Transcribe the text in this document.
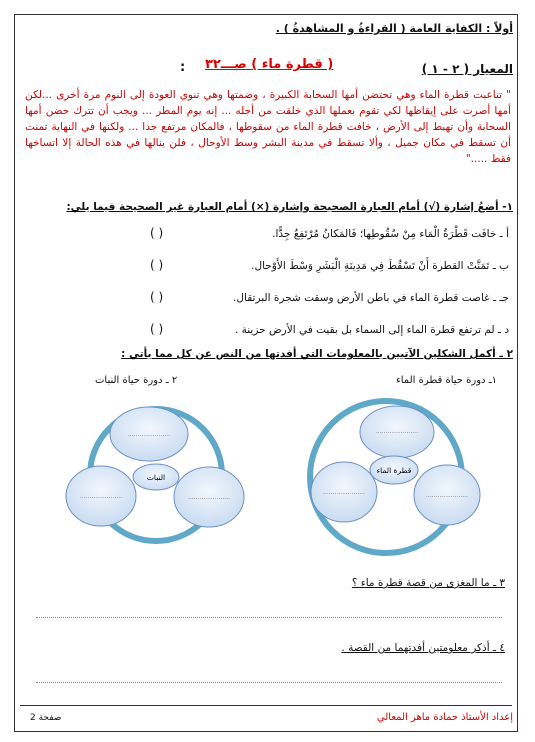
أولاً : الكفاية العامة ( القراءةُ و المشاهدةُ ) .
المعيار ( ٢ - ١ )
: ( قطرة ماء ) صـــ٣٢
" تناعبت قطرة الماء وهي تحتضن أمها السحابة الكبيرة ، وضمتها وهي تنوي العودة إلى النوم مرة أخرى ...لكن أمها أصرت على إيقاظها لكي تقوم بعملها الذي خلقت من أجله ... إنه يوم المطر ... ويجب أن تترك حضن أمها السحابة وأن تهبط إلى الأرض ، خافت قطرة الماء من سقوطها ، فالمكان مرتفع جدا ... ولكنها في النهاية تمنت أن تسقط في مكان جميل ، وألا تسقط في مدينة البشر وسط الأوحال ، فلن ينالها في هذه الحالة إلا اتساخها فقط ....."
١- أضعُ إشارة (√) أمام العبارة الصحيحة وإشارة (×) أمام العبارة غير الصحيحة فيما يلي:
أ ـ خافَت قَطْرَةُ الْمَاء مِنْ سُقُوطِها؛ فَالمَكانُ مُرْتَفِعٌ جِدًّا.
( )
ب ـ تَمَنَّتْ القطرة أَنْ تَسْقُطَ فِي مَدِينَةِ الْبَشَرِ وَسْطَ الأَوْحال.
( )
جـ ـ غاصت قطرة الماء في باطن الأرض وسقت شجرة البرتقال.
( )
د ـ لم ترتفع قطرة الماء إلى السماء بل بقيت في الأرض حزينة .
( )
٢ ـ أكمل الشكلين الآتيين بالمعلومات التي أفدتها من النص عن كل مما يأتي :
١ـ دورة حياة قطرة الماء
٢ ـ دورة حياة النبات
قطرة الماء
......................
......................	......................
النبات
......................
......................	......................
٣ ـ ما المغزى من قصة قطرة ماء ؟
٤ ـ أذكر معلومتين أفدتهما من القصة .
إعداد الأستاذ حمادة ماهر المعالي
صفحة 2
